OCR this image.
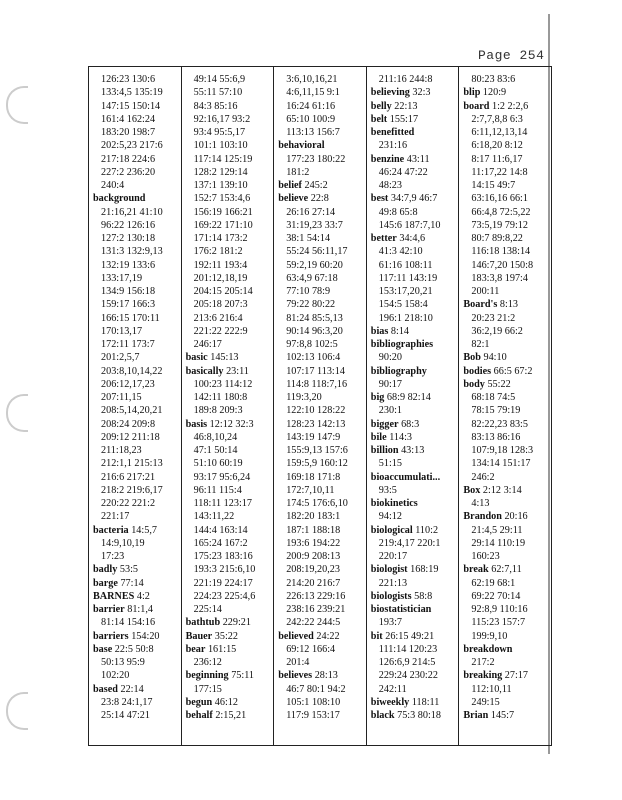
Page 254
126:23 130:6
133:4,5 135:19
147:15 150:14
161:4 162:24
183:20 198:7
202:5,23 217:6
217:18 224:6
227:2 236:20
240:4
background
21:16,21 41:10
96:22 126:16
127:2 130:18
131:3 132:9,13
132:19 133:6
133:17,19
134:9 156:18
159:17 166:3
166:15 170:11
170:13,17
172:11 173:7
201:2,5,7
203:8,10,14,22
206:12,17,23
207:11,15
208:5,14,20,21
208:24 209:8
209:12 211:18
211:18,23
212:1,1 215:13
216:6 217:21
218:2 219:6,17
220:22 221:2
221:17
bacteria 14:5,7
14:9,10,19
17:23
badly 53:5
barge 77:14
BARNES 4:2
barrier 81:1,4
81:14 154:16
barriers 154:20
base 22:5 50:8
50:13 95:9
102:20
based 22:14
23:8 24:1,17
25:14 47:21
49:14 55:6,9
55:11 57:10
84:3 85:16
92:16,17 93:2
93:4 95:5,17
101:1 103:10
117:14 125:19
128:2 129:14
137:1 139:10
152:7 153:4,6
156:19 166:21
169:22 171:10
171:14 173:2
176:2 181:2
192:11 193:4
201:12,18,19
204:15 205:14
205:18 207:3
213:6 216:4
221:22 222:9
246:17
basic 145:13
basically 23:11
100:23 114:12
142:11 180:8
189:8 209:3
basis 12:12 32:3
46:8,10,24
47:1 50:14
51:10 60:19
93:17 95:6,24
96:11 115:4
118:11 123:17
143:11,22
144:4 163:14
165:24 167:2
175:23 183:16
193:3 215:6,10
221:19 224:17
224:23 225:4,6
225:14
bathtub 229:21
Bauer 35:22
bear 161:15
236:12
beginning 75:11
177:15
begun 46:12
behalf 2:15,21
3:6,10,16,21
4:6,11,15 9:1
16:24 61:16
65:10 100:9
113:13 156:7
behavioral
177:23 180:22
181:2
belief 245:2
believe 22:8
26:16 27:14
31:19,23 33:7
38:1 54:14
55:24 56:11,17
59:2,19 60:20
63:4,9 67:18
77:10 78:9
79:22 80:22
81:24 85:5,13
90:14 96:3,20
97:8,8 102:5
102:13 106:4
107:17 113:14
114:8 118:7,16
119:3,20
122:10 128:22
128:23 142:13
143:19 147:9
155:9,13 157:6
159:5,9 160:12
169:18 171:8
172:7,10,11
174:5 176:6,10
182:20 183:1
187:1 188:18
193:6 194:22
200:9 208:13
208:19,20,23
214:20 216:7
226:13 229:16
238:16 239:21
242:22 244:5
believed 24:22
69:12 166:4
201:4
believes 28:13
46:7 80:1 94:2
105:1 108:10
117:9 153:17
211:16 244:8
believing 32:3
belly 22:13
belt 155:17
benefitted
231:16
benzine 43:11
46:24 47:22
48:23
best 34:7,9 46:7
49:8 65:8
145:6 187:7,10
better 34:4,6
41:3 42:10
61:16 108:11
117:11 143:19
153:17,20,21
154:5 158:4
196:1 218:10
bias 8:14
bibliographies
90:20
bibliography
90:17
big 68:9 82:14
230:1
bigger 68:3
bile 114:3
billion 43:13
51:15
bioaccumulati...
93:5
biokinetics
94:12
biological 110:2
219:4,17 220:1
220:17
biologist 168:19
221:13
biologists 58:8
biostatistician
193:7
bit 26:15 49:21
111:14 120:23
126:6,9 214:5
229:24 230:22
242:11
biweekly 118:11
black 75:3 80:18
80:23 83:6
blip 120:9
board 1:2 2:2,6
2:7,7,8,8 6:3
6:11,12,13,14
6:18,20 8:12
8:17 11:6,17
11:17,22 14:8
14:15 49:7
63:16,16 66:1
66:4,8 72:5,22
73:5,19 79:12
80:7 89:8,22
116:18 138:14
146:7,20 150:8
183:3,8 197:4
200:11
Board's 8:13
20:23 21:2
36:2,19 66:2
82:1
Bob 94:10
bodies 66:5 67:2
body 55:22
68:18 74:5
78:15 79:19
82:22,23 83:5
83:13 86:16
107:9,18 128:3
134:14 151:17
246:2
Box 2:12 3:14
4:13
Brandon 20:16
21:4,5 29:11
29:14 110:19
160:23
break 62:7,11
62:19 68:1
69:22 70:14
92:8,9 110:16
115:23 157:7
199:9,10
breakdown
217:2
breaking 27:17
112:10,11
249:15
Brian 145:7
